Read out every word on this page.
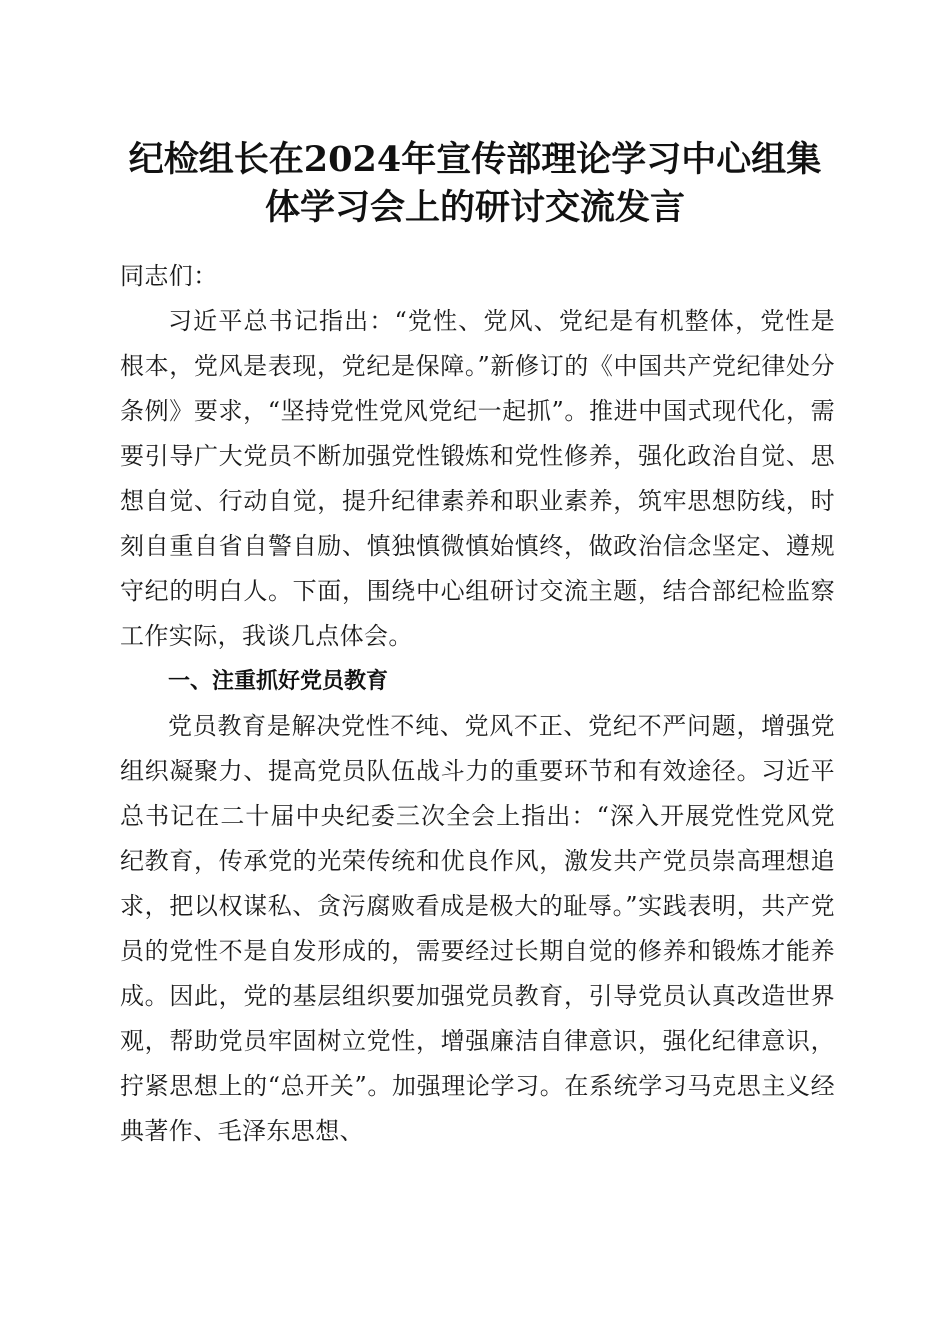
纪检组长在2024年宣传部理论学习中心组集
体学习会上的研讨交流发言

同志们：

习近平总书记指出：“党性、党风、党纪是有机整体，党性是根本，党风是表现，党纪是保障。”新修订的《中国共产党纪律处分条例》要求，“坚持党性党风党纪一起抓”。推进中国式现代化，需要引导广大党员不断加强党性锻炼和党性修养，强化政治自觉、思想自觉、行动自觉，提升纪律素养和职业素养，筑牢思想防线，时刻自重自省自警自励、慎独慎微慎始慎终，做政治信念坚定、遵规守纪的明白人。下面，围绕中心组研讨交流主题，结合部纪检监察工作实际，我谈几点体会。

一、注重抓好党员教育

党员教育是解决党性不纯、党风不正、党纪不严问题，增强党组织凝聚力、提高党员队伍战斗力的重要环节和有效途径。习近平总书记在二十届中央纪委三次全会上指出：“深入开展党性党风党纪教育，传承党的光荣传统和优良作风，激发共产党员崇高理想追求，把以权谋私、贪污腐败看成是极大的耻辱。”实践表明，共产党员的党性不是自发形成的，需要经过长期自觉的修养和锻炼才能养成。因此，党的基层组织要加强党员教育，引导党员认真改造世界观，帮助党员牢固树立党性，增强廉洁自律意识，强化纪律意识，拧紧思想上的“总开关”。加强理论学习。在系统学习马克思主义经典著作、毛泽东思想、
